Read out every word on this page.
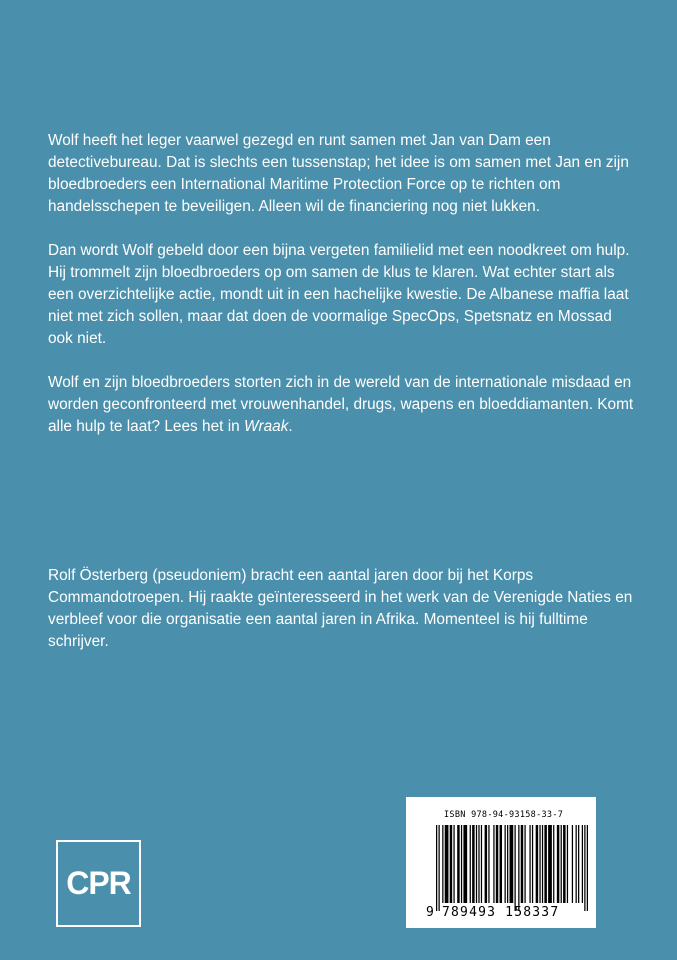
Wolf heeft het leger vaarwel gezegd en runt samen met Jan van Dam een detectivebureau. Dat is slechts een tussenstap; het idee is om samen met Jan en zijn bloedbroeders een International Maritime Protection Force op te richten om handelsschepen te beveiligen. Alleen wil de financiering nog niet lukken.

Dan wordt Wolf gebeld door een bijna vergeten familielid met een noodkreet om hulp. Hij trommelt zijn bloedbroeders op om samen de klus te klaren. Wat echter start als een overzichtelijke actie, mondt uit in een hachelijke kwestie. De Albanese maffia laat niet met zich sollen, maar dat doen de voormalige SpecOps, Spetsnatz en Mossad ook niet.

Wolf en zijn bloedbroeders storten zich in de wereld van de internationale misdaad en worden geconfronteerd met vrouwenhandel, drugs, wapens en bloeddiamanten. Komt alle hulp te laat? Lees het in Wraak.

Rolf Österberg (pseudoniem) bracht een aantal jaren door bij het Korps Commandotroepen. Hij raakte geïnteresseerd in het werk van de Verenigde Naties en verbleef voor die organisatie een aantal jaren in Afrika. Momenteel is hij fulltime schrijver.

CPR
ISBN 978-94-93158-33-7
9 789493 158337
